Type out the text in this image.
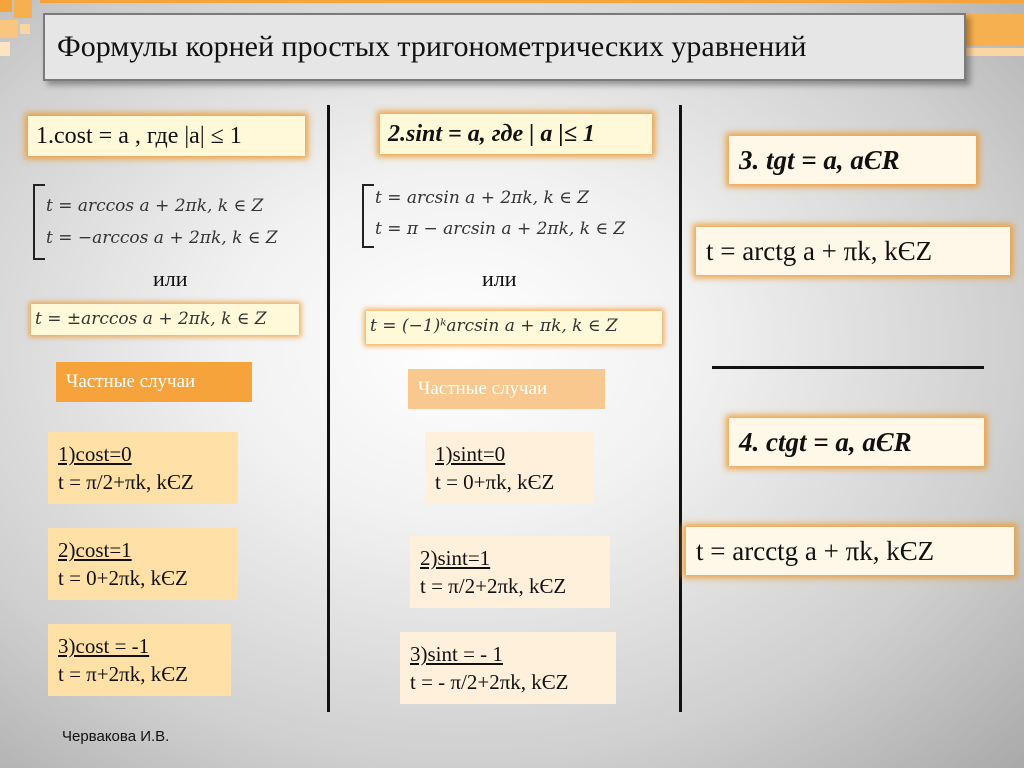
Формулы корней простых тригонометрических уравнений
1.cost = a , где |a| ≤ 1
t = arccos a + 2πk, k ∈ Z
t = −arccos a + 2πk, k ∈ Z
или
t = ±arccos a + 2πk, k ∈ Z
Частные случаи
1)cost=0
t = π/2+πk, kЄZ
2)cost=1
t = 0+2πk, kЄZ
3)cost = -1
t = π+2πk, kЄZ
2.sint = a, где | a |≤ 1
t = arcsin a + 2πk, k ∈ Z
t = π − arcsin a + 2πk, k ∈ Z
или
t = (−1)ᵏarcsin a + πk, k ∈ Z
Частные случаи
1)sint=0
t = 0+πk, kЄZ
2)sint=1
t = π/2+2πk, kЄZ
3)sint = - 1
t = - π/2+2πk, kЄZ
3. tgt = a, aЄR
t = arctg a + πk, kЄZ
4. ctgt = a, aЄR
t = arcctg a + πk, kЄZ
Червакова И.В.
